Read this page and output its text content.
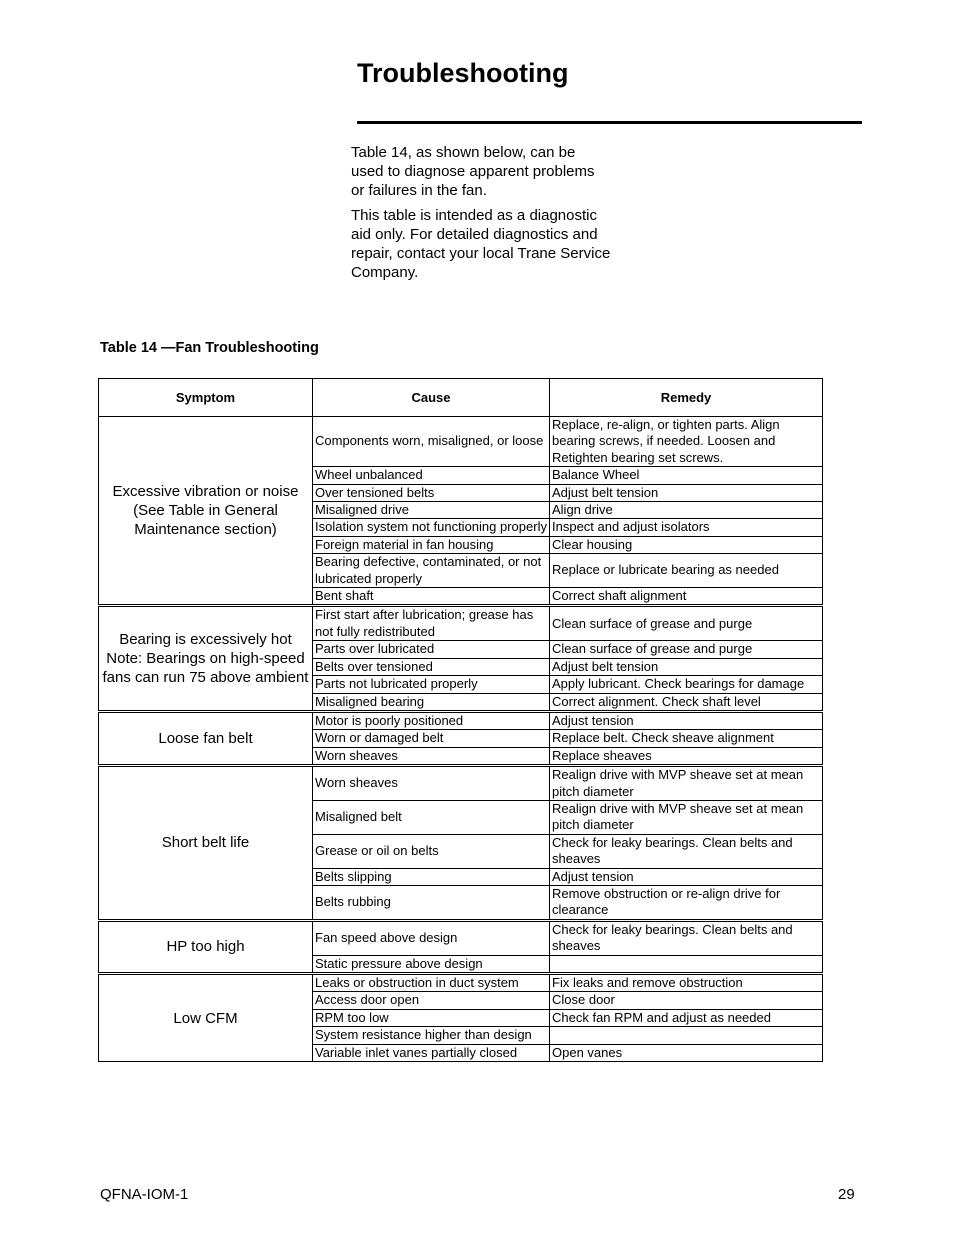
Troubleshooting
Table 14, as shown below, can be used to diagnose apparent problems or failures in the fan.
This table is intended as a diagnostic aid only. For detailed diagnostics and repair, contact your local Trane Service Company.
Table 14 —Fan Troubleshooting
Symptom	Cause	Remedy
Excessive vibration or noise (See Table in General Maintenance section)	Components worn, misaligned, or loose	Replace, re-align, or tighten parts. Align bearing screws, if needed. Loosen and Retighten bearing set screws.
	Wheel unbalanced	Balance Wheel
	Over tensioned belts	Adjust belt tension
	Misaligned drive	Align drive
	Isolation system not functioning properly	Inspect and adjust isolators
	Foreign material in fan housing	Clear housing
	Bearing defective, contaminated, or not lubricated properly	Replace or lubricate bearing as needed
	Bent shaft	Correct shaft alignment
Bearing is excessively hot Note: Bearings on high-speed fans can run 75 above ambient	First start after lubrication; grease has not fully redistributed	Clean surface of grease and purge
	Parts over lubricated	Clean surface of grease and purge
	Belts over tensioned	Adjust belt tension
	Parts not lubricated properly	Apply lubricant. Check bearings for damage
	Misaligned bearing	Correct alignment. Check shaft level
Loose fan belt	Motor is poorly positioned	Adjust tension
	Worn or damaged belt	Replace belt. Check sheave alignment
	Worn sheaves	Replace sheaves
Short belt life	Worn sheaves	Realign drive with MVP sheave set at mean pitch diameter
	Misaligned belt	Realign drive with MVP sheave set at mean pitch diameter
	Grease or oil on belts	Check for leaky bearings. Clean belts and sheaves
	Belts slipping	Adjust tension
	Belts rubbing	Remove obstruction or re-align drive for clearance
HP too high	Fan speed above design	Check for leaky bearings. Clean belts and sheaves
	Static pressure above design	
Low CFM	Leaks or obstruction in duct system	Fix leaks and remove obstruction
	Access door open	Close door
	RPM too low	Check fan RPM and adjust as needed
	System resistance higher than design	
	Variable inlet vanes partially closed	Open vanes
QFNA-IOM-1	29
